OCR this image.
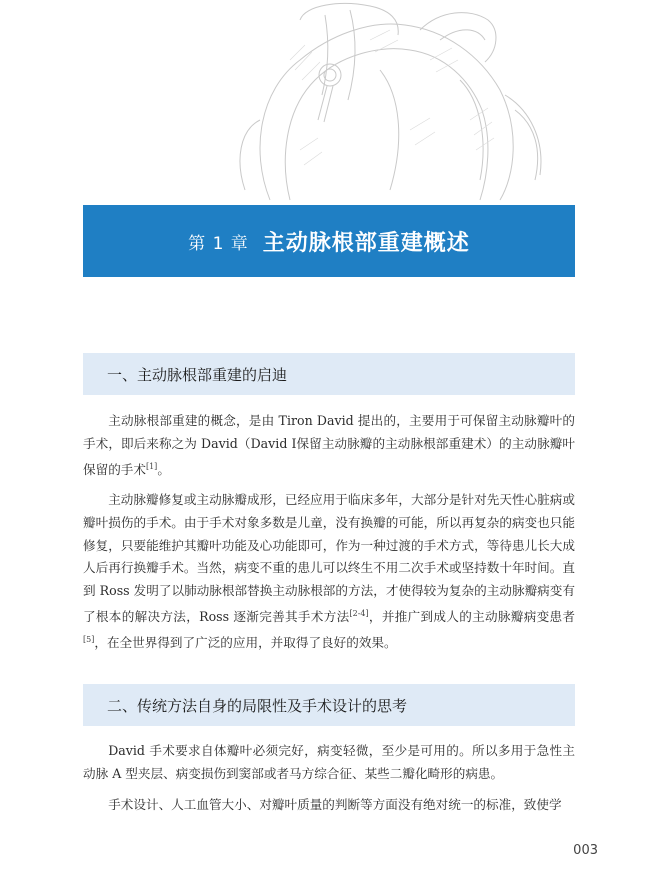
第 1 章 主动脉根部重建概述
一、主动脉根部重建的启迪

主动脉根部重建的概念，是由 Tiron David 提出的，主要用于可保留主动脉瓣叶的手术，即后来称之为 David（David Ⅰ保留主动脉瓣的主动脉根部重建术）的主动脉瓣叶保留的手术[1]。

主动脉瓣修复或主动脉瓣成形，已经应用于临床多年，大部分是针对先天性心脏病或瓣叶损伤的手术。由于手术对象多数是儿童，没有换瓣的可能，所以再复杂的病变也只能修复，只要能维护其瓣叶功能及心功能即可，作为一种过渡的手术方式，等待患儿长大成人后再行换瓣手术。当然，病变不重的患儿可以终生不用二次手术或坚持数十年时间。直到 Ross 发明了以肺动脉根部替换主动脉根部的方法，才使得较为复杂的主动脉瓣病变有了根本的解决方法，Ross 逐渐完善其手术方法[2-4]，并推广到成人的主动脉瓣病变患者[5]，在全世界得到了广泛的应用，并取得了良好的效果。

二、传统方法自身的局限性及手术设计的思考

David 手术要求自体瓣叶必须完好，病变轻微，至少是可用的。所以多用于急性主动脉 A 型夹层、病变损伤到窦部或者马方综合征、某些二瓣化畸形的病患。

手术设计、人工血管大小、对瓣叶质量的判断等方面没有绝对统一的标准，致使学

003
